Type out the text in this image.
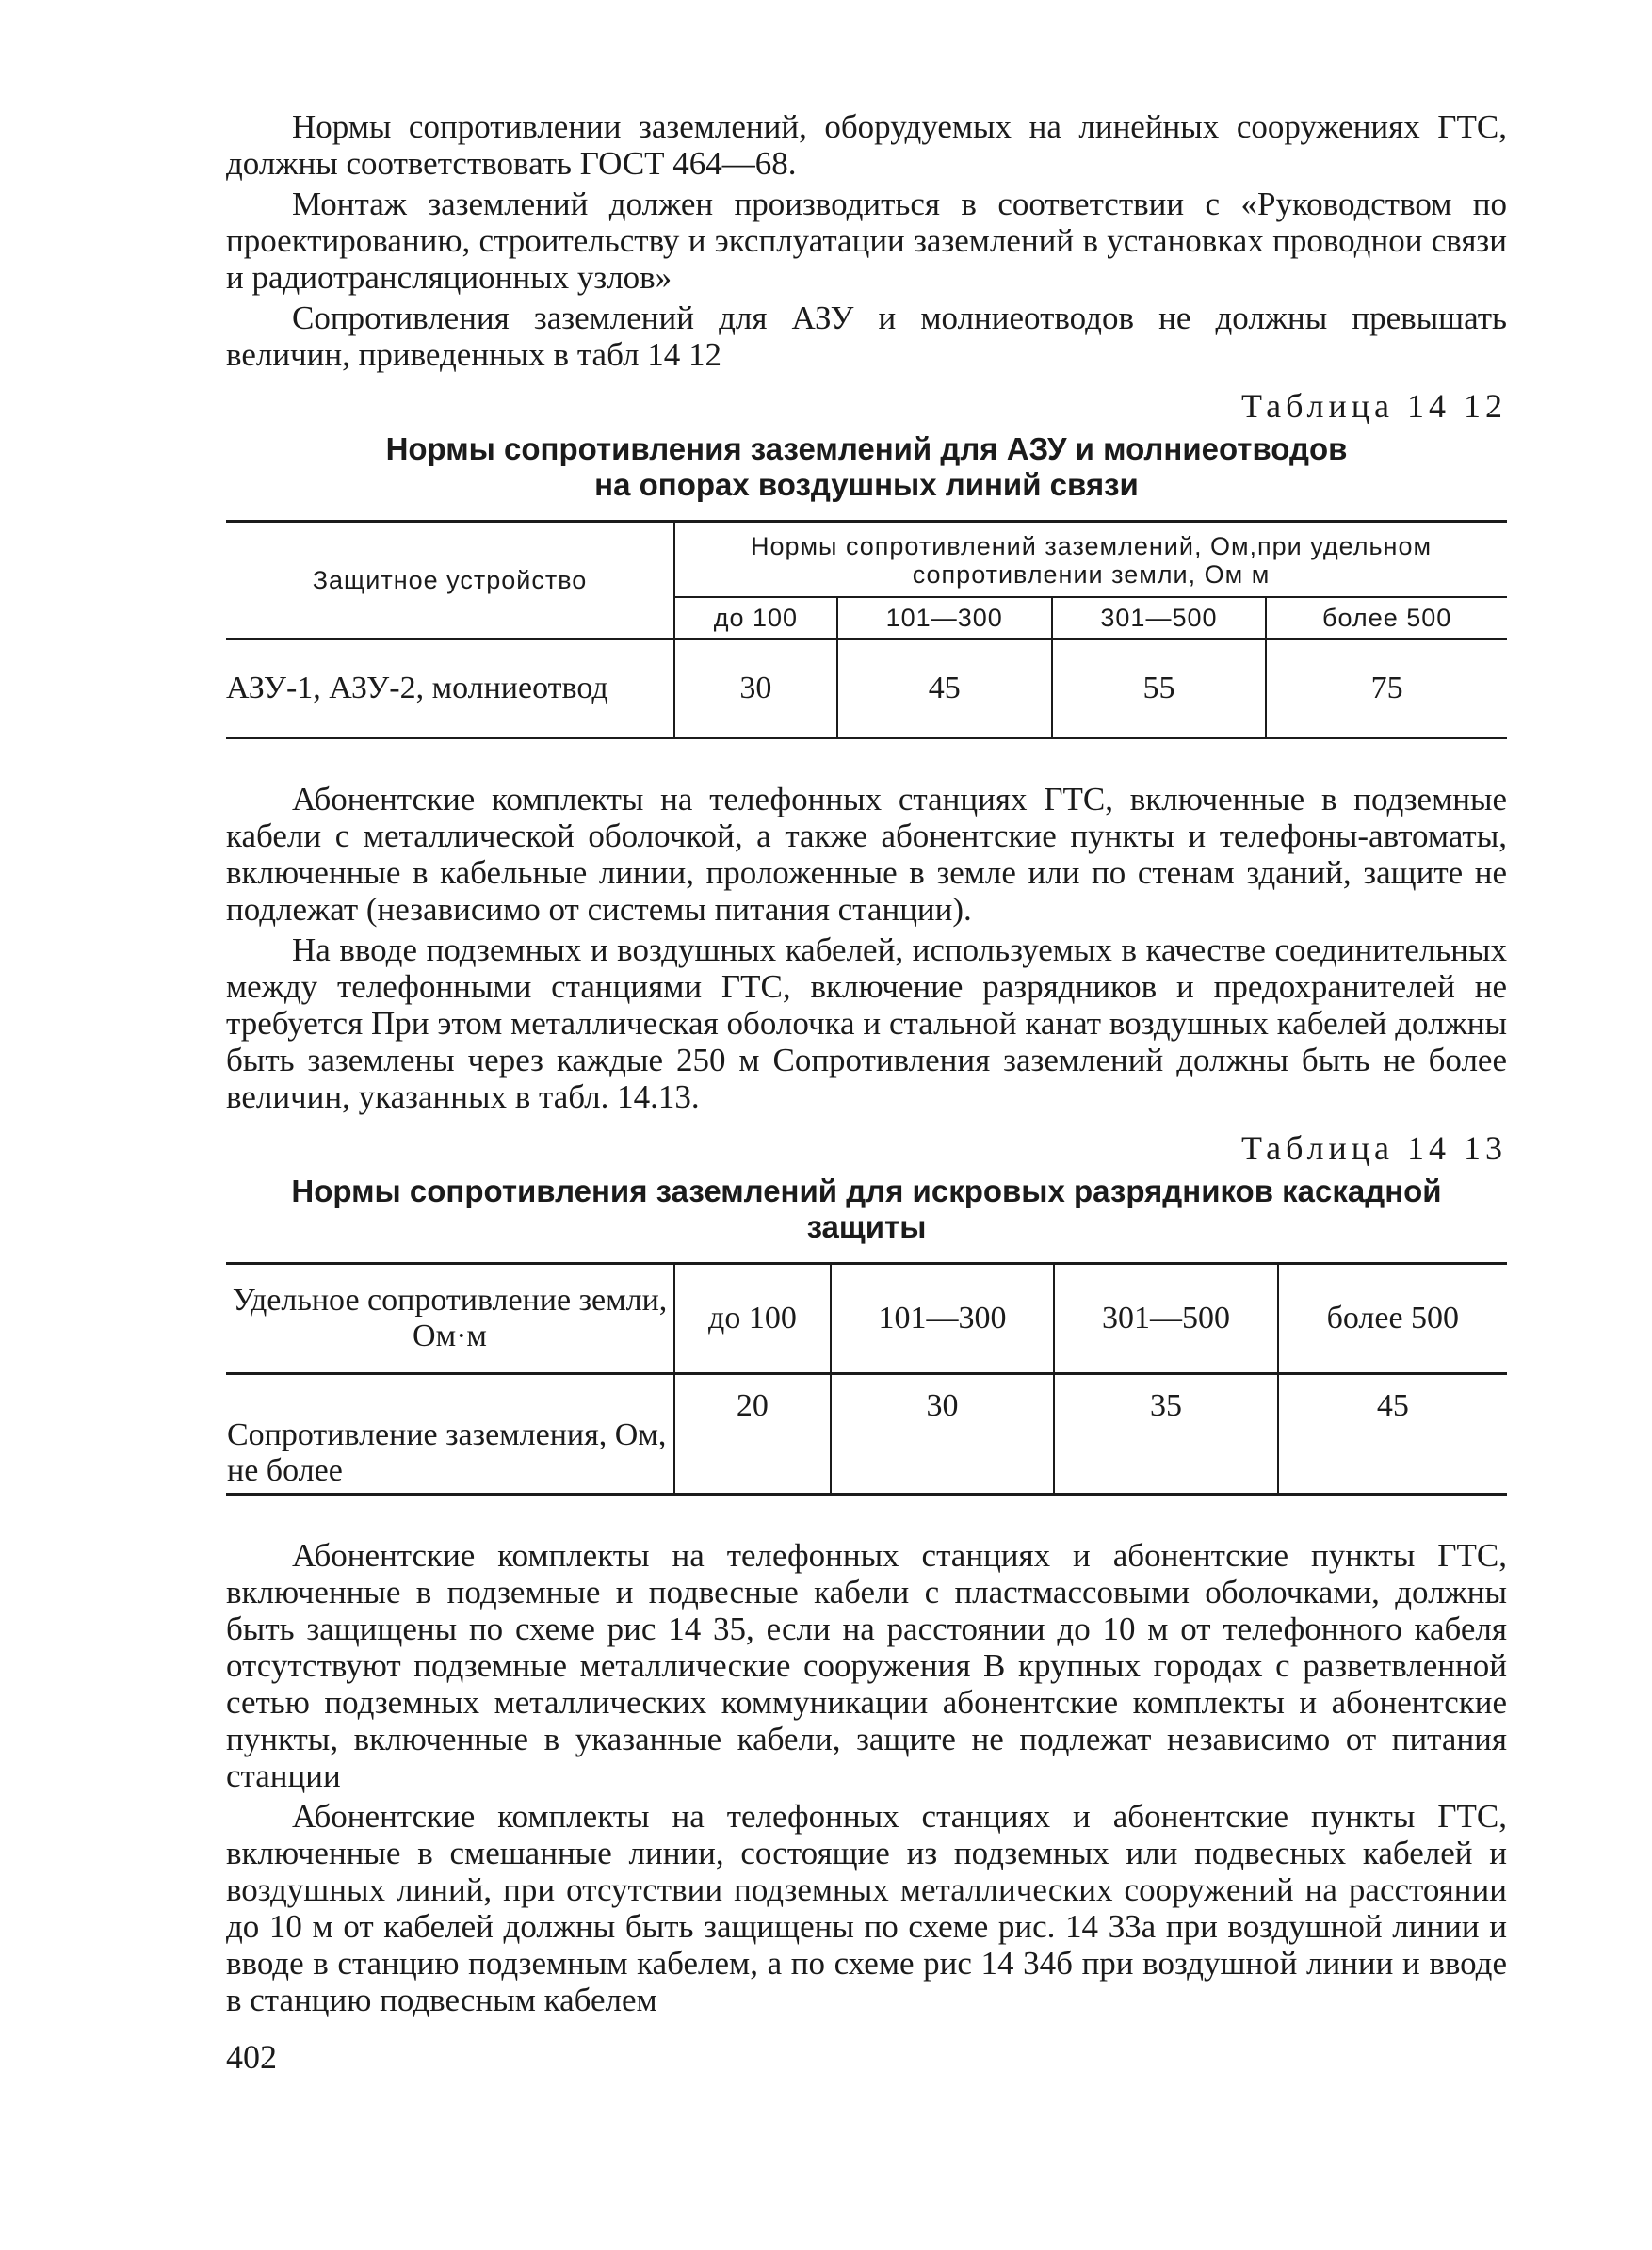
Нормы сопротивлении заземлений, оборудуемых на линейных сооружениях ГТС, должны соответствовать ГОСТ 464—68.

Монтаж заземлений должен производиться в соответствии с «Руководством по проектированию, строительству и эксплуатации заземлений в установках проводнои связи и радиотрансляционных узлов»

Сопротивления заземлений для АЗУ и молниеотводов не должны превышать величин, приведенных в табл 14 12

Таблица 14 12
Нормы сопротивления заземлений для АЗУ и молниеотводов
на опорах воздушных линий связи
Защитное устройство	Нормы сопротивлений заземлений, Ом,при удельном сопротивлении земли, Ом м			
	до 100	101—300	301—500	более 500
АЗУ-1, АЗУ-2, молниеотвод	30	45	55	75

Абонентские комплекты на телефонных станциях ГТС, включенные в подземные кабели с металлической оболочкой, а также абонентские пункты и телефоны-автоматы, включенные в кабельные линии, проложенные в земле или по стенам зданий, защите не подлежат (независимо от системы питания станции).

На вводе подземных и воздушных кабелей, используемых в качестве соединительных между телефонными станциями ГТС, включение разрядников и предохранителей не требуется При этом металлическая оболочка и стальной канат воздушных кабелей должны быть заземлены через каждые 250 м Сопротивления заземлений должны быть не более величин, указанных в табл. 14.13.

Таблица 14 13
Нормы сопротивления заземлений для искровых разрядников каскадной
защиты
Удельное сопротивление земли, Ом·м	до 100	101—300	301—500	более 500
Сопротивление заземления, Ом, не более	20	30	35	45

Абонентские комплекты на телефонных станциях и абонентские пункты ГТС, включенные в подземные и подвесные кабели с пластмассовыми оболочками, должны быть защищены по схеме рис 14 35, если на расстоянии до 10 м от телефонного кабеля отсутствуют подземные металлические сооружения В крупных городах с разветвленной сетью подземных металлических коммуникации абонентские комплекты и абонентские пункты, включенные в указанные кабели, защите не подлежат независимо от питания станции

Абонентские комплекты на телефонных станциях и абонентские пункты ГТС, включенные в смешанные линии, состоящие из подземных или подвесных кабелей и воздушных линий, при отсутствии подземных металлических сооружений на расстоянии до 10 м от кабелей должны быть защищены по схеме рис. 14 33а при воздушной линии и вводе в станцию подземным кабелем, а по схеме рис 14 34б при воздушной линии и вводе в станцию подвесным кабелем

402
